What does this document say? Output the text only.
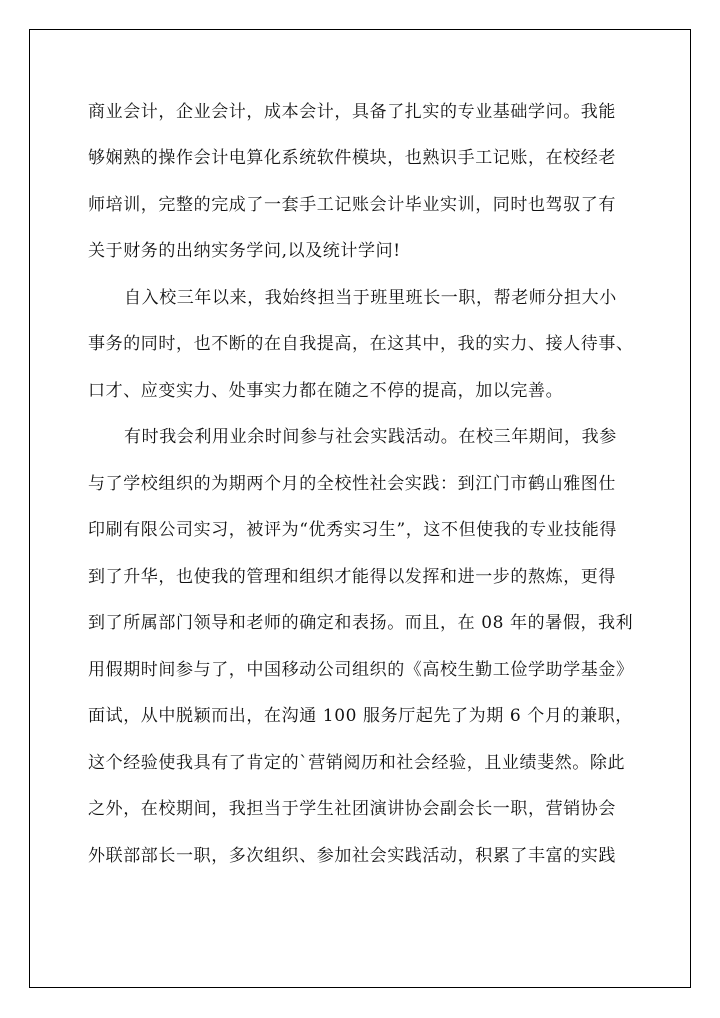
商业会计，企业会计，成本会计，具备了扎实的专业基础学问。我能
够娴熟的操作会计电算化系统软件模块，也熟识手工记账，在校经老
师培训，完整的完成了一套手工记账会计毕业实训，同时也驾驭了有
关于财务的出纳实务学问,以及统计学问!
自入校三年以来，我始终担当于班里班长一职，帮老师分担大小
事务的同时，也不断的在自我提高，在这其中，我的实力、接人待事、
口才、应变实力、处事实力都在随之不停的提高，加以完善。
有时我会利用业余时间参与社会实践活动。在校三年期间，我参
与了学校组织的为期两个月的全校性社会实践：到江门市鹤山雅图仕
印刷有限公司实习，被评为“优秀实习生”，这不但使我的专业技能得
到了升华，也使我的管理和组织才能得以发挥和进一步的熬炼，更得
到了所属部门领导和老师的确定和表扬。而且，在 08 年的暑假，我利
用假期时间参与了，中国移动公司组织的《高校生勤工俭学助学基金》
面试，从中脱颖而出，在沟通 100 服务厅起先了为期 6 个月的兼职，
这个经验使我具有了肯定的`营销阅历和社会经验，且业绩斐然。除此
之外，在校期间，我担当于学生社团演讲协会副会长一职，营销协会
外联部部长一职，多次组织、参加社会实践活动，积累了丰富的实践
